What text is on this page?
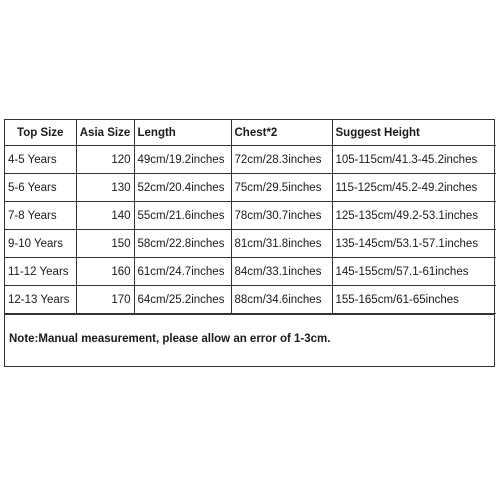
Top Size	Asia Size	Length	Chest*2	Suggest Height
4-5 Years	120	49cm/19.2inches	72cm/28.3inches	105-115cm/41.3-45.2inches
5-6 Years	130	52cm/20.4inches	75cm/29.5inches	115-125cm/45.2-49.2inches
7-8 Years	140	55cm/21.6inches	78cm/30.7inches	125-135cm/49.2-53.1inches
9-10 Years	150	58cm/22.8inches	81cm/31.8inches	135-145cm/53.1-57.1inches
11-12 Years	160	61cm/24.7inches	84cm/33.1inches	145-155cm/57.1-61inches
12-13 Years	170	64cm/25.2inches	88cm/34.6inches	155-165cm/61-65inches
Note:Manual measurement, please allow an error of 1-3cm.
